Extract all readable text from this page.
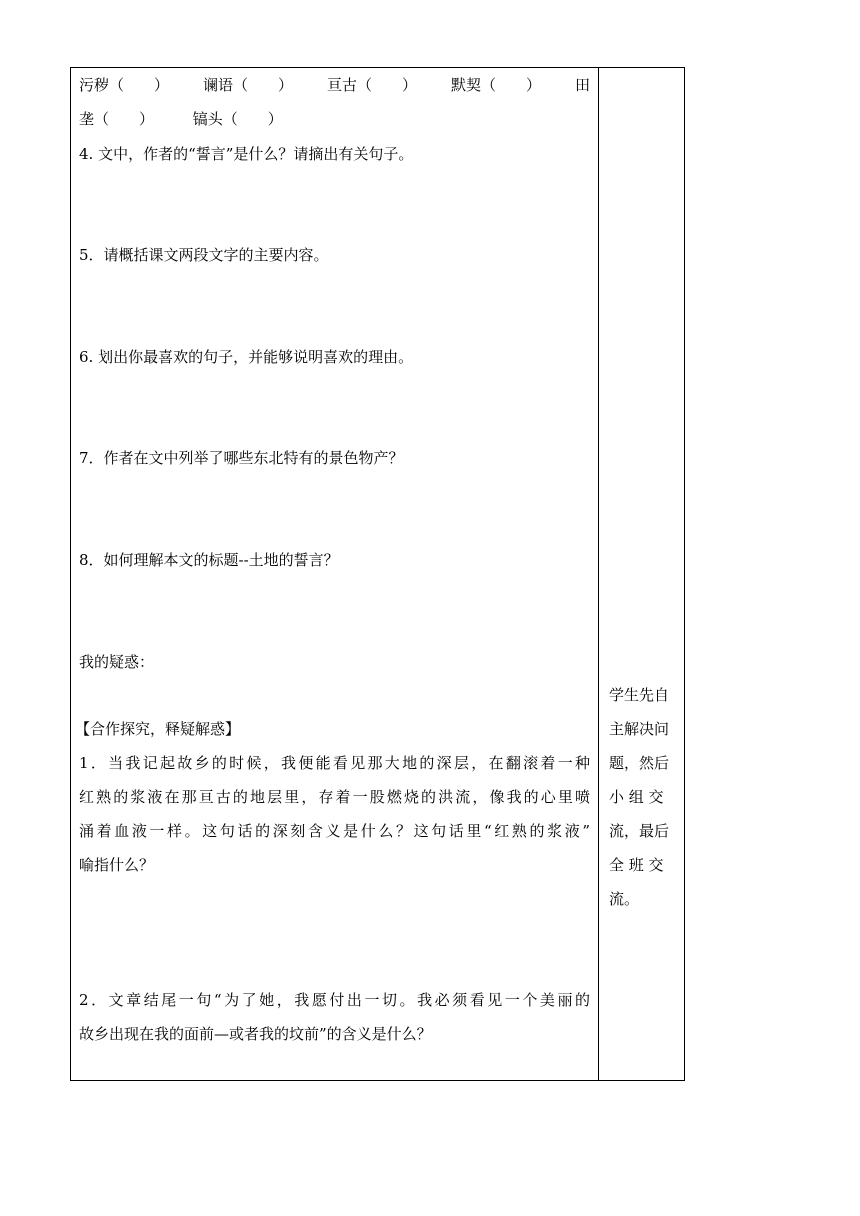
污秽（　　） 谰语（　　） 亘古（　　） 默契（　　） 田
垄（　　）	镐头（　　）
4. 文中，作者的“誓言”是什么？请摘出有关句子。
5．请概括课文两段文字的主要内容。
6. 划出你最喜欢的句子，并能够说明喜欢的理由。
7．作者在文中列举了哪些东北特有的景色物产？
8．如何理解本文的标题--土地的誓言？
我的疑惑：
【合作探究，释疑解惑】
1．当我记起故乡的时候，我便能看见那大地的深层，在翻滚着一种
红熟的浆液在那亘古的地层里，存着一股燃烧的洪流，像我的心里喷
涌着血液一样。这句话的深刻含义是什么？这句话里“红熟的浆液”
喻指什么？
2．文章结尾一句“为了她，我愿付出一切。我必须看见一个美丽的
故乡出现在我的面前—或者我的坟前”的含义是什么？
学生先自
主解决问
题，然后
小 组 交
流，最后
全 班 交
流。
